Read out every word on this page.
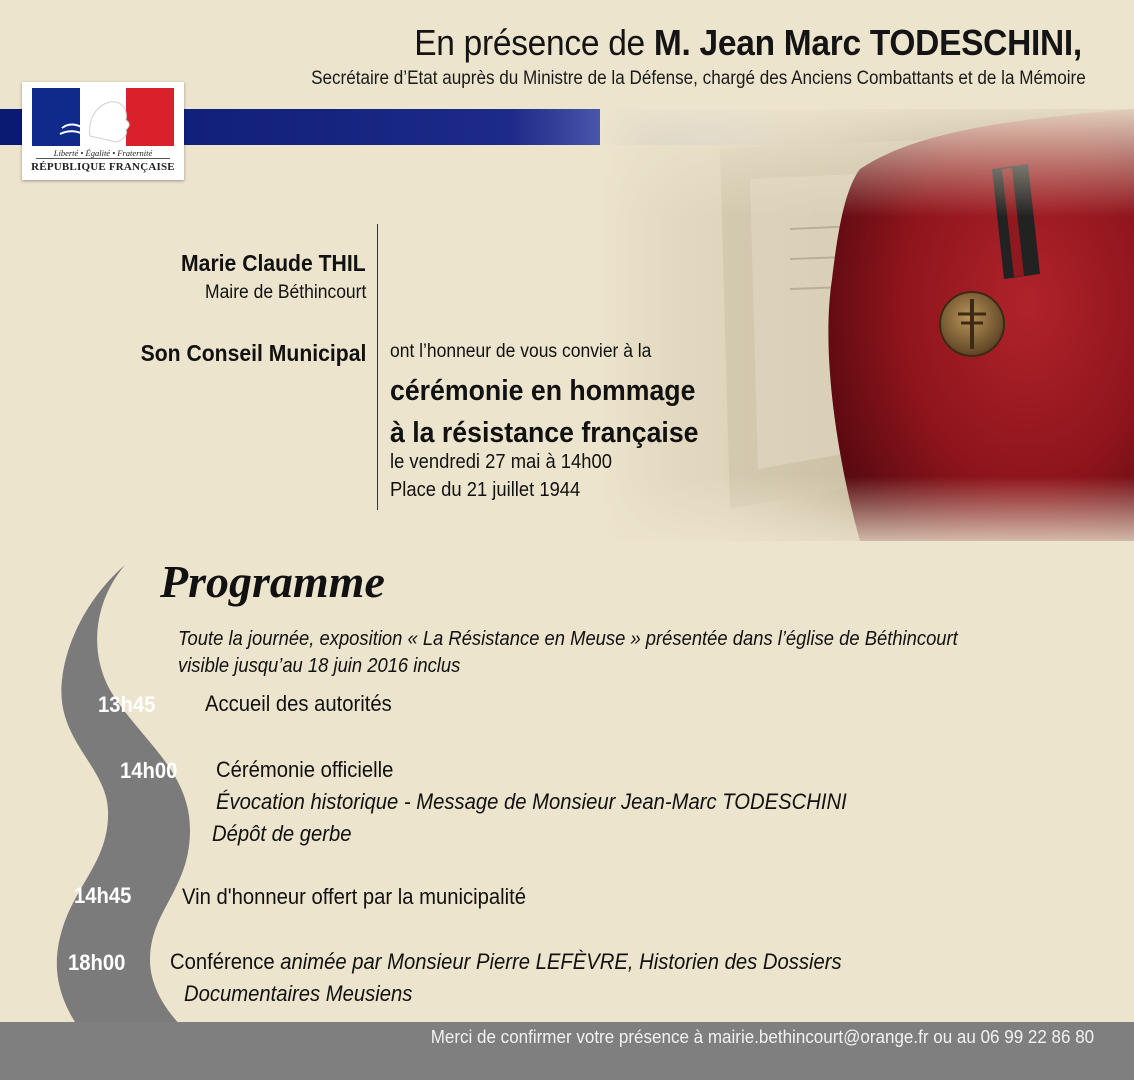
En présence de M. Jean Marc TODESCHINI,
Secrétaire d’Etat auprès du Ministre de la Défense, chargé des Anciens Combattants et de la Mémoire
Liberté • Égalité • Fraternité
RÉPUBLIQUE FRANÇAISE
Marie Claude THIL
Maire de Béthincourt
Son Conseil Municipal ont l’honneur de vous convier à la
cérémonie en hommage
à la résistance française
le vendredi 27 mai à 14h00
Place du 21 juillet 1944
Programme
Toute la journée, exposition « La Résistance en Meuse » présentée dans l’église de Béthincourt
visible jusqu’au 18 juin 2016 inclus
13h45 Accueil des autorités
14h00 Cérémonie officielle
Évocation historique - Message de Monsieur Jean-Marc TODESCHINI
Dépôt de gerbe
14h45 Vin d'honneur offert par la municipalité
18h00 Conférence animée par Monsieur Pierre LEFÈVRE, Historien des Dossiers
Documentaires Meusiens
Merci de confirmer votre présence à mairie.bethincourt@orange.fr ou au 06 99 22 86 80
